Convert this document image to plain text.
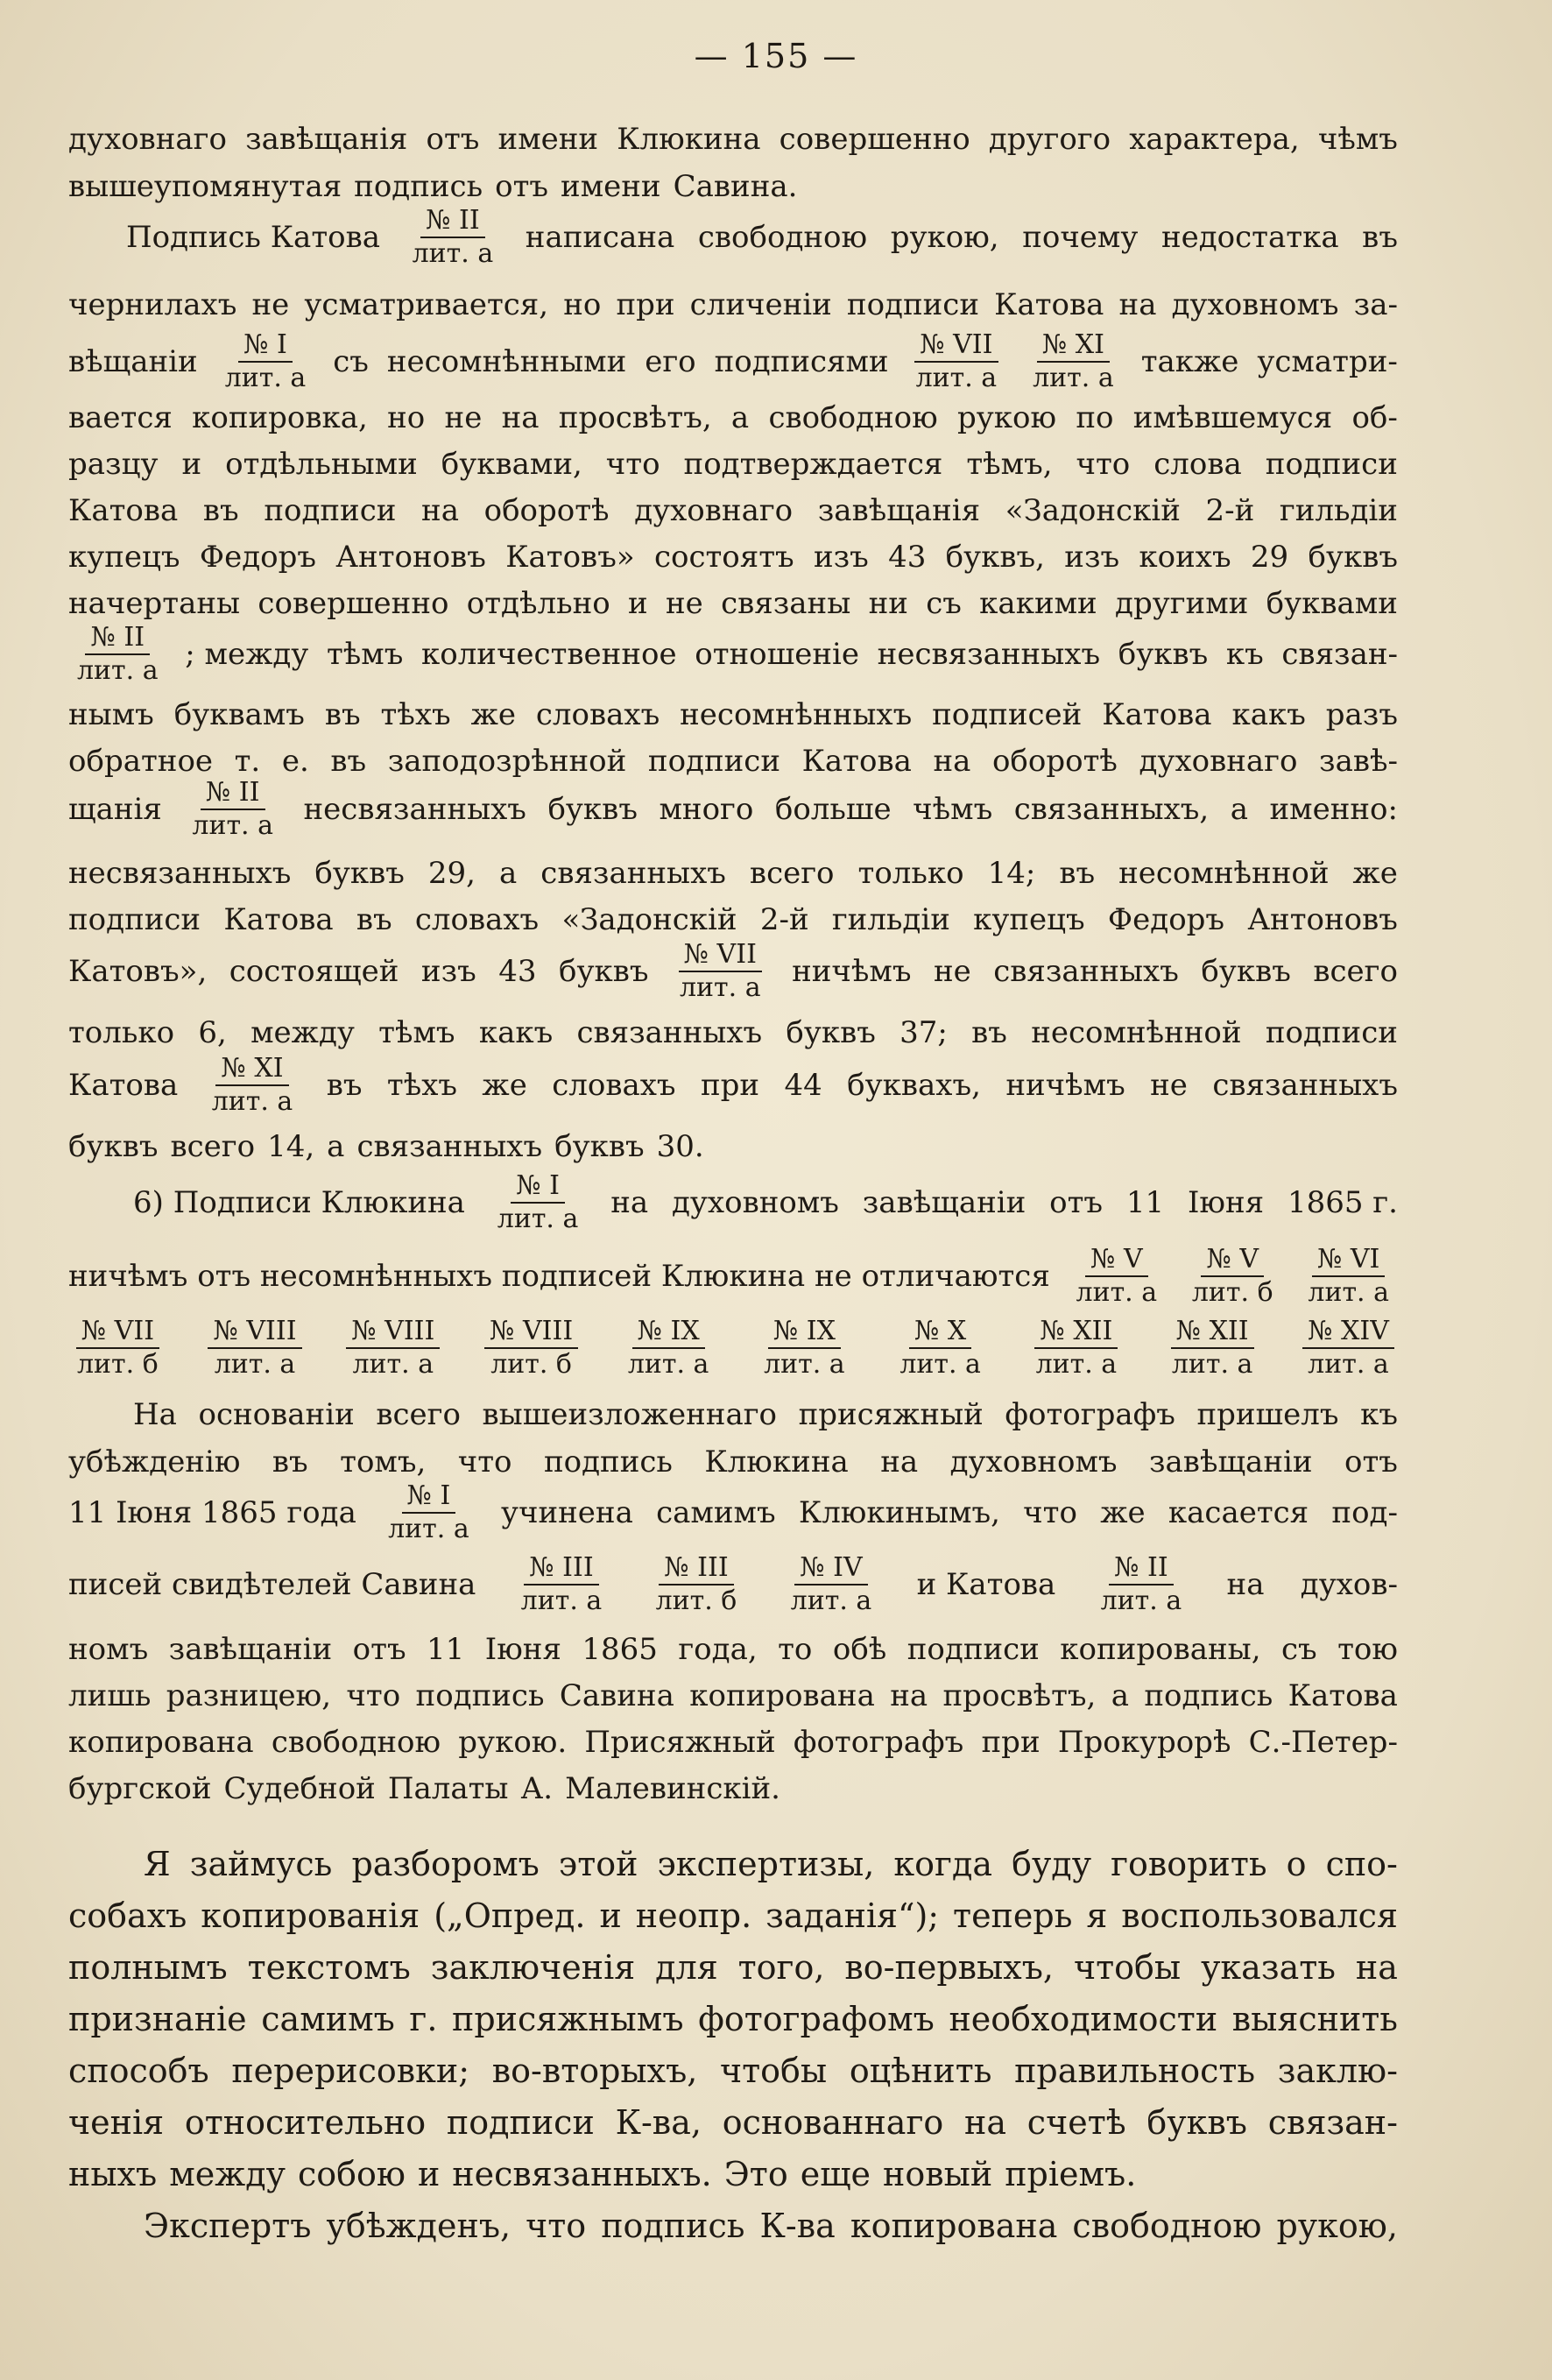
— 155 —
духовнаго завѣщанія отъ имени Клюкина совершенно другого характера, чѣмъ
вышеупомянутая подпись отъ имени Савина.
Подпись Катова $\frac{№ II}{\text{лит. а}}$ написана свободною рукою, почему недостатка въ
чернилахъ не усматривается, но при сличеніи подписи Катова на духовномъ за-
вѣщаніи $\frac{№ I}{\text{лит. а}}$ съ несомнѣнными его подписями $\frac{\text{№ VII}}{\text{лит. а}} \frac{№ XI}{\text{лит. а}}$ также усматри-
вается копировка, но не на просвѣтъ, а свободною рукою по имѣвшемуся об-
разцу и отдѣльными буквами, что подтверждается тѣмъ, что слова подписи
Катова въ подписи на оборотѣ духовнаго завѣщанія «Задонскій 2-й гильдіи
купецъ Федоръ Антоновъ Катовъ» состоятъ изъ 43 буквъ, изъ коихъ 29 буквъ
начертаны совершенно отдѣльно и не связаны ни съ какими другими буквами
$\frac{№ II}{\text{лит. а}}$ ; между тѣмъ количественное отношеніе несвязанныхъ буквъ къ связан-
нымъ буквамъ въ тѣхъ же словахъ несомнѣнныхъ подписей Катова какъ разъ
обратное т. е. въ заподозрѣнной подписи Катова на оборотѣ духовнаго завѣ-
щанія $\frac{№ II}{\text{лит. а}}$ несвязанныхъ буквъ много больше чѣмъ связанныхъ, а именно:
несвязанныхъ буквъ 29, а связанныхъ всего только 14; въ несомнѣнной же
подписи Катова въ словахъ «Задонскій 2-й гильдіи купецъ Федоръ Антоновъ
Катовъ», состоящей изъ 43 буквъ $\frac{\text{№ VII}}{\text{лит. а}}$ ничѣмъ не связанныхъ буквъ всего
только 6, между тѣмъ какъ связанныхъ буквъ 37; въ несомнѣнной подписи
Катова $\frac{№ XI}{\text{лит. а}}$ въ тѣхъ же словахъ при 44 буквахъ, ничѣмъ не связанныхъ
буквъ всего 14, а связанныхъ буквъ 30.
6) Подписи Клюкина $\frac{№ I}{\text{лит. а}}$ на духовномъ завѣщаніи отъ 11 Іюня 1865 г.
ничѣмъ отъ несомнѣнныхъ подписей Клюкина не отличаются $\frac{№ V}{\text{лит. а}} \frac{№ V}{\text{лит. б}} \frac{№ VI}{\text{лит. а}}$
$\frac{\text{№ VII}}{\text{лит. б}} \frac{\text{№ VIII}}{\text{лит. а}} \frac{\text{№ VIII}}{\text{лит. а}} \frac{\text{№ VIII}}{\text{лит. б}} \frac{№ IX}{\text{лит. а}} \frac{№ IX}{\text{лит. а}} \frac{№ X}{\text{лит. а}} \frac{\text{№ XII}}{\text{лит. а}} \frac{\text{№ XII}}{\text{лит. а}} \frac{\text{№ XIV}}{\text{лит. а}}$
На основаніи всего вышеизложеннаго присяжный фотографъ пришелъ къ
убѣжденію въ томъ, что подпись Клюкина на духовномъ завѣщаніи отъ
11 Іюня 1865 года $\frac{№ I}{\text{лит. а}}$ учинена самимъ Клюкинымъ, что же касается под-
писей свидѣтелей Савина $\frac{\text{№ III}}{\text{лит. а}} \frac{\text{№ III}}{\text{лит. б}} \frac{№ IV}{\text{лит. а}}$ и Катова $\frac{№ II}{\text{лит. а}}$ на духов-
номъ завѣщаніи отъ 11 Іюня 1865 года, то обѣ подписи копированы, съ тою
лишь разницею, что подпись Савина копирована на просвѣтъ, а подпись Катова
копирована свободною рукою. Присяжный фотографъ при Прокурорѣ С.-Петер-
бургской Судебной Палаты А. Малевинскій.
Я займусь разборомъ этой экспертизы, когда буду говорить о спо-
собахъ копированія („Опред. и неопр. заданія“); теперь я воспользовался
полнымъ текстомъ заключенія для того, во-первыхъ, чтобы указать на
признаніе самимъ г. присяжнымъ фотографомъ необходимости выяснить
способъ перерисовки; во-вторыхъ, чтобы оцѣнить правильность заклю-
ченія относительно подписи К-ва, основаннаго на счетѣ буквъ связан-
ныхъ между собою и несвязанныхъ. Это еще новый пріемъ.
Экспертъ убѣжденъ, что подпись К-ва копирована свободною рукою,
